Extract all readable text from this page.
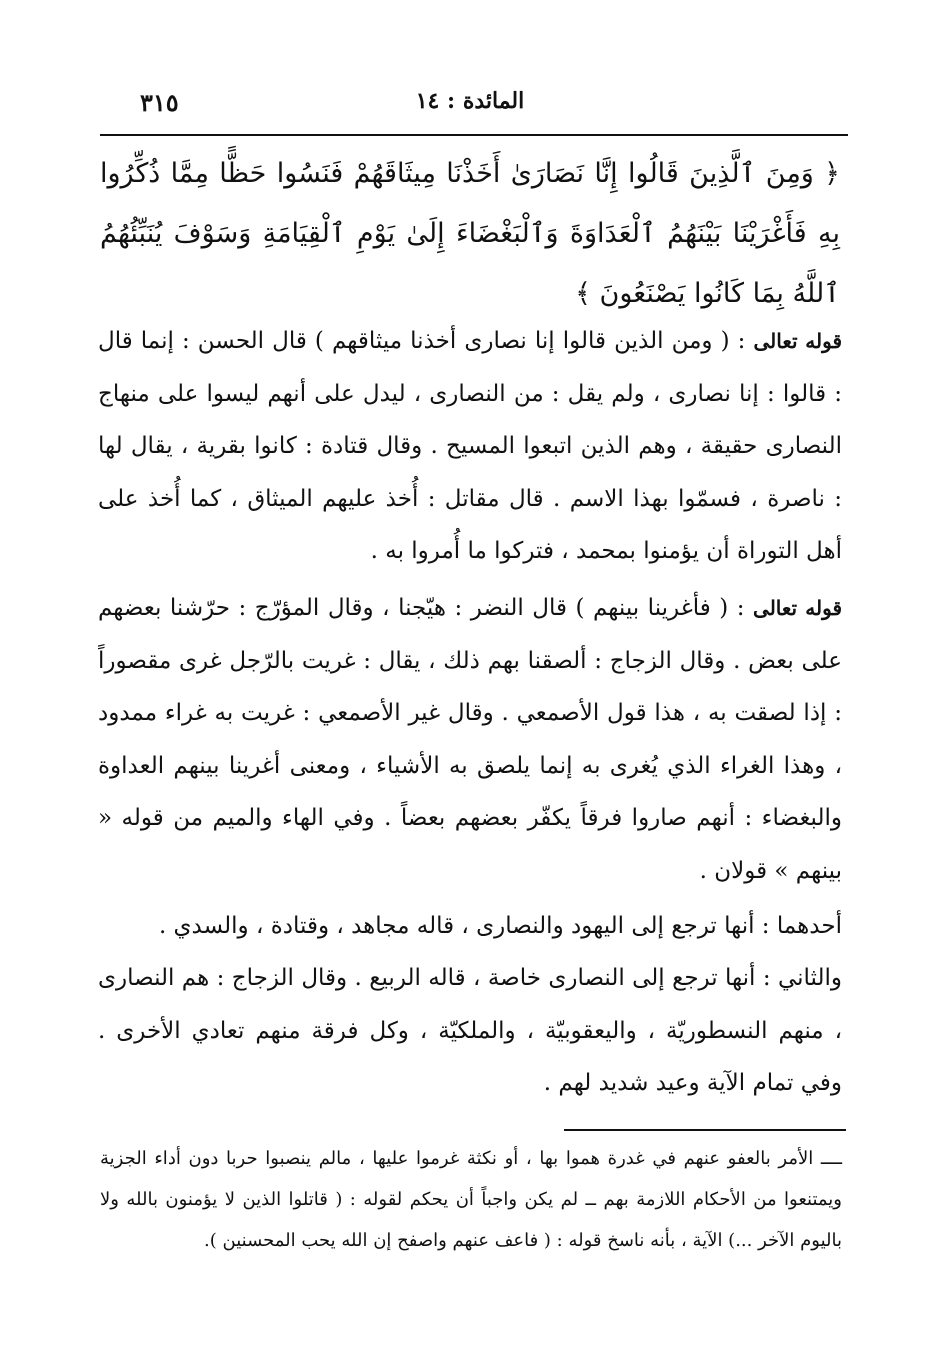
المائدة : ١٤
٣١٥
﴿ وَمِنَ ٱلَّذِينَ قَالُوا إِنَّا نَصَارَىٰ أَخَذْنَا مِيثَاقَهُمْ فَنَسُوا حَظًّا مِمَّا ذُكِّرُوا بِهِ فَأَغْرَيْنَا بَيْنَهُمُ ٱلْعَدَاوَةَ وَٱلْبَغْضَاءَ إِلَىٰ يَوْمِ ٱلْقِيَامَةِ وَسَوْفَ يُنَبِّئُهُمُ ٱللَّهُ بِمَا كَانُوا يَصْنَعُونَ ﴾

قوله تعالى : ( ومن الذين قالوا إنا نصارى أخذنا ميثاقهم ) قال الحسن : إنما قال : قالوا : إنا نصارى ، ولم يقل : من النصارى ، ليدل على أنهم ليسوا على منهاج النصارى حقيقة ، وهم الذين اتبعوا المسيح . وقال قتادة : كانوا بقرية ، يقال لها : ناصرة ، فسمّوا بهذا الاسم . قال مقاتل : أُخذ عليهم الميثاق ، كما أُخذ على أهل التوراة أن يؤمنوا بمحمد ، فتركوا ما أُمروا به .

قوله تعالى : ( فأغرينا بينهم ) قال النضر : هيّجنا ، وقال المؤرّج : حرّشنا بعضهم على بعض . وقال الزجاج : ألصقنا بهم ذلك ، يقال : غريت بالرّجل غرى مقصوراً : إذا لصقت به ، هذا قول الأصمعي . وقال غير الأصمعي : غريت به غراء ممدود ، وهذا الغراء الذي يُغرى به إنما يلصق به الأشياء ، ومعنى أغرينا بينهم العداوة والبغضاء : أنهم صاروا فرقاً يكفّر بعضهم بعضاً . وفي الهاء والميم من قوله « بينهم » قولان .

أحدهما : أنها ترجع إلى اليهود والنصارى ، قاله مجاهد ، وقتادة ، والسدي .

والثاني : أنها ترجع إلى النصارى خاصة ، قاله الربيع . وقال الزجاج : هم النصارى ، منهم النسطوريّة ، واليعقوبيّة ، والملكيّة ، وكل فرقة منهم تعادي الأخرى . وفي تمام الآية وعيد شديد لهم .

ــــ الأمر بالعفو عنهم في غدرة هموا بها ، أو نكثة غرموا عليها ، مالم ينصبوا حربا دون أداء الجزية ويمتنعوا من الأحكام اللازمة بهم ــ لم يكن واجباً أن يحكم لقوله : ( قاتلوا الذين لا يؤمنون بالله ولا باليوم الآخر ...) الآية ، بأنه ناسخ قوله : ( فاعف عنهم واصفح إن الله يحب المحسنين ).
